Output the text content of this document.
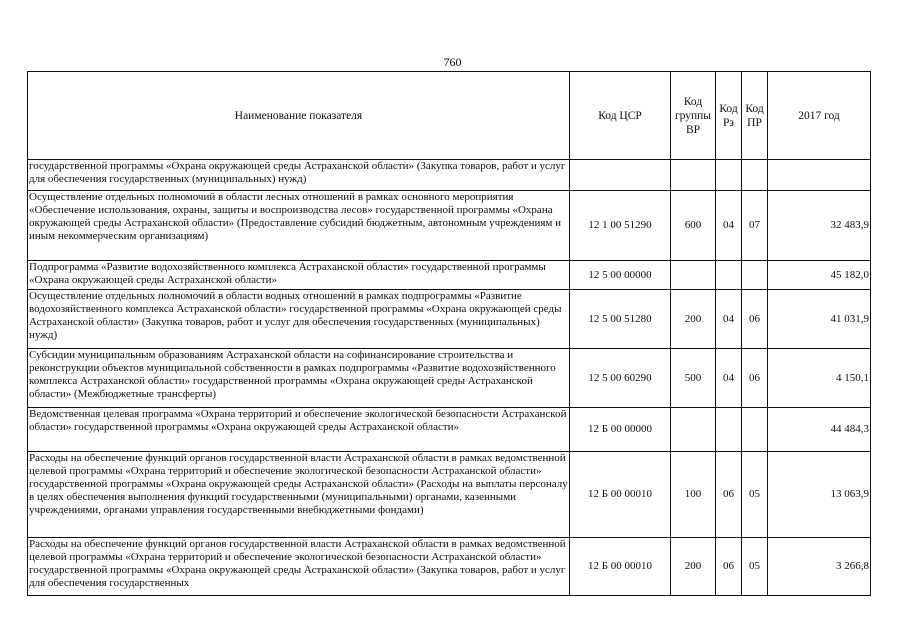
760
Наименование показателя	Код ЦСР	Код группы ВР	Код Рз	Код ПР	2017 год
государственной программы «Охрана окружающей среды Астраханской области» (Закупка товаров, работ и услуг для обеспечения государственных (муниципальных) нужд)					
Осуществление отдельных полномочий в области лесных отношений в рамках основного мероприятия «Обеспечение использования, охраны, защиты и воспроизводства лесов» государственной программы «Охрана окружающей среды Астраханской области» (Предоставление субсидий бюджетным, автономным учреждениям и иным некоммерческим организациям)	12 1 00 51290	600	04	07	32 483,9
Подпрограмма «Развитие водохозяйственного комплекса Астраханской области» государственной программы «Охрана окружающей среды Астраханской области»	12 5 00 00000				45 182,0
Осуществление отдельных полномочий в области водных отношений в рамках подпрограммы «Развитие водохозяйственного комплекса Астраханской области» государственной программы «Охрана окружающей среды Астраханской области» (Закупка товаров, работ и услуг для обеспечения государственных (муниципальных) нужд)	12 5 00 51280	200	04	06	41 031,9
Субсидии муниципальным образованиям Астраханской области на софинансирование строительства и реконструкции объектов муниципальной собственности в рамках подпрограммы «Развитие водохозяйственного комплекса Астраханской области» государственной программы «Охрана окружающей среды Астраханской области» (Межбюджетные трансферты)	12 5 00 60290	500	04	06	4 150,1
Ведомственная целевая программа «Охрана территорий и обеспечение экологической безопасности Астраханской области» государственной программы «Охрана окружающей среды Астраханской области»	12 Б 00 00000				44 484,3
Расходы на обеспечение функций органов государственной власти Астраханской области в рамках ведомственной целевой программы «Охрана территорий и обеспечение экологической безопасности Астраханской области» государственной программы «Охрана окружающей среды Астраханской области» (Расходы на выплаты персоналу в целях обеспечения выполнения функций государственными (муниципальными) органами, казенными учреждениями, органами управления государственными внебюджетными фондами)	12 Б 00 00010	100	06	05	13 063,9
Расходы на обеспечение функций органов государственной власти Астраханской области в рамках ведомственной целевой программы «Охрана территорий и обеспечение экологической безопасности Астраханской области» государственной программы «Охрана окружающей среды Астраханской области» (Закупка товаров, работ и услуг для обеспечения государственных	12 Б 00 00010	200	06	05	3 266,8
